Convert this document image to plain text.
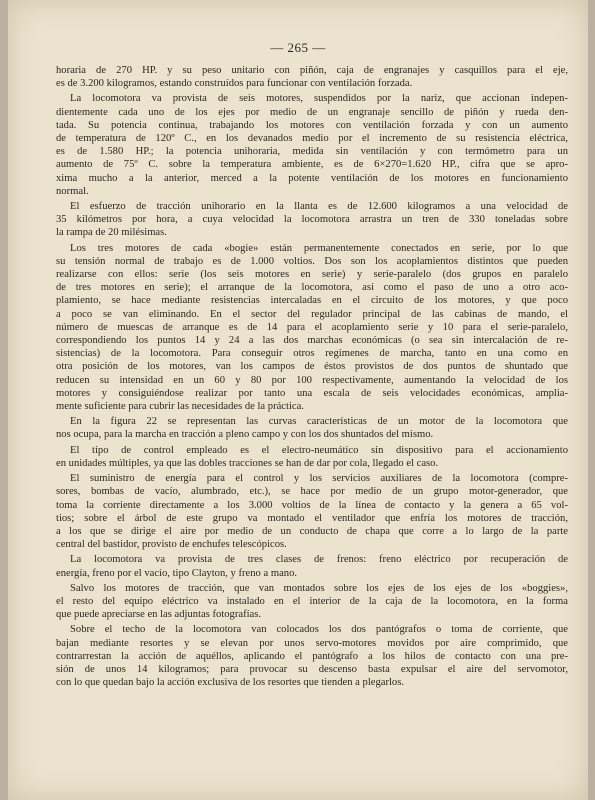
— 265 —
horaria de 270 HP. y su peso unitario con piñón, caja de engranajes y casquillos para el eje,
es de 3.200 kilogramos, estando construídos para funcionar con ventilación forzada.
La locomotora va provista de seis motores, suspendidos por la nariz, que accionan indepen-
dientemente cada uno de los ejes por medio de un engranaje sencillo de piñón y rueda den-
tada. Su potencia continua, trabajando los motores con ventilación forzada y con un aumento
de temperatura de 120º C., en los devanados medio por el incremento de su resistencia eléctrica,
es de 1.580 HP.; la potencia unihoraria, medida sin ventilación y con termómetro para un
aumento de 75º C. sobre la temperatura ambiente, es de 6×270=1.620 HP., cifra que se apro-
xima mucho a la anterior, merced a la potente ventilación de los motores en funcionamiento
normal.
El esfuerzo de tracción unihorario en la llanta es de 12.600 kilogramos a una velocidad de
35 kilómetros por hora, a cuya velocidad la locomotora arrastra un tren de 330 toneladas sobre
la rampa de 20 milésimas.
Los tres motores de cada «bogie» están permanentemente conectados en serie, por lo que
su tensión normal de trabajo es de 1.000 voltios. Dos son los acoplamientos distintos que pueden
realizarse con ellos: serie (los seis motores en serie) y serie-paralelo (dos grupos en paralelo
de tres motores en serie); el arranque de la locomotora, así como el paso de uno a otro aco-
plamiento, se hace mediante resistencias intercaladas en el circuito de los motores, y que poco
a poco se van eliminando. En el sector del regulador principal de las cabinas de mando, el
número de muescas de arranque es de 14 para el acoplamiento serie y 10 para el serie-paralelo,
correspondiendo los puntos 14 y 24 a las dos marchas económicas (o sea sin intercalación de re-
sistencias) de la locomotora. Para conseguir otros regímenes de marcha, tanto en una como en
otra posición de los motores, van los campos de éstos provistos de dos puntos de shuntado que
reducen su intensidad en un 60 y 80 por 100 respectivamente, aumentando la velocidad de los
motores y consiguiéndose realizar por tanto una escala de seis velocidades económicas, amplia-
mente suficiente para cubrir las necesidades de la práctica.
En la figura 22 se representan las curvas características de un motor de la locomotora que
nos ocupa, para la marcha en tracción a pleno campo y con los dos shuntados del mismo.
El tipo de control empleado es el electro-neumático sin dispositivo para el accionamiento
en unidades múltiples, ya que las dobles tracciones se han de dar por cola, llegado el caso.
El suministro de energía para el control y los servicios auxiliares de la locomotora (compre-
sores, bombas de vacío, alumbrado, etc.), se hace por medio de un grupo motor-generador, que
toma la corriente directamente a los 3.000 voltios de la línea de contacto y la genera a 65 vol-
tios; sobre el árbol de este grupo va montado el ventilador que enfría los motores de tracción,
a los que se dirige el aire por medio de un conducto de chapa que corre a lo largo de la parte
central del bastidor, provisto de enchufes telescópicos.
La locomotora va provista de tres clases de frenos: freno eléctrico por recuperación de
energía, freno por el vacío, tipo Clayton, y freno a mano.
Salvo los motores de tracción, que van montados sobre los ejes de los ejes de los «boggies»,
el resto del equipo eléctrico va instalado en el interior de la caja de la locomotora, en la forma
que puede apreciarse en las adjuntas fotografías.
Sobre el techo de la locomotora van colocados los dos pantógrafos o toma de corriente, que
bajan mediante resortes y se elevan por unos servo-motores movidos por aire comprimido, que
contrarrestan la acción de aquéllos, aplicando el pantógrafo a los hilos de contacto con una pre-
sión de unos 14 kilogramos; para provocar su descenso basta expulsar el aire del servomotor,
con lo que quedan bajo la acción exclusiva de los resortes que tienden a plegarlos.
